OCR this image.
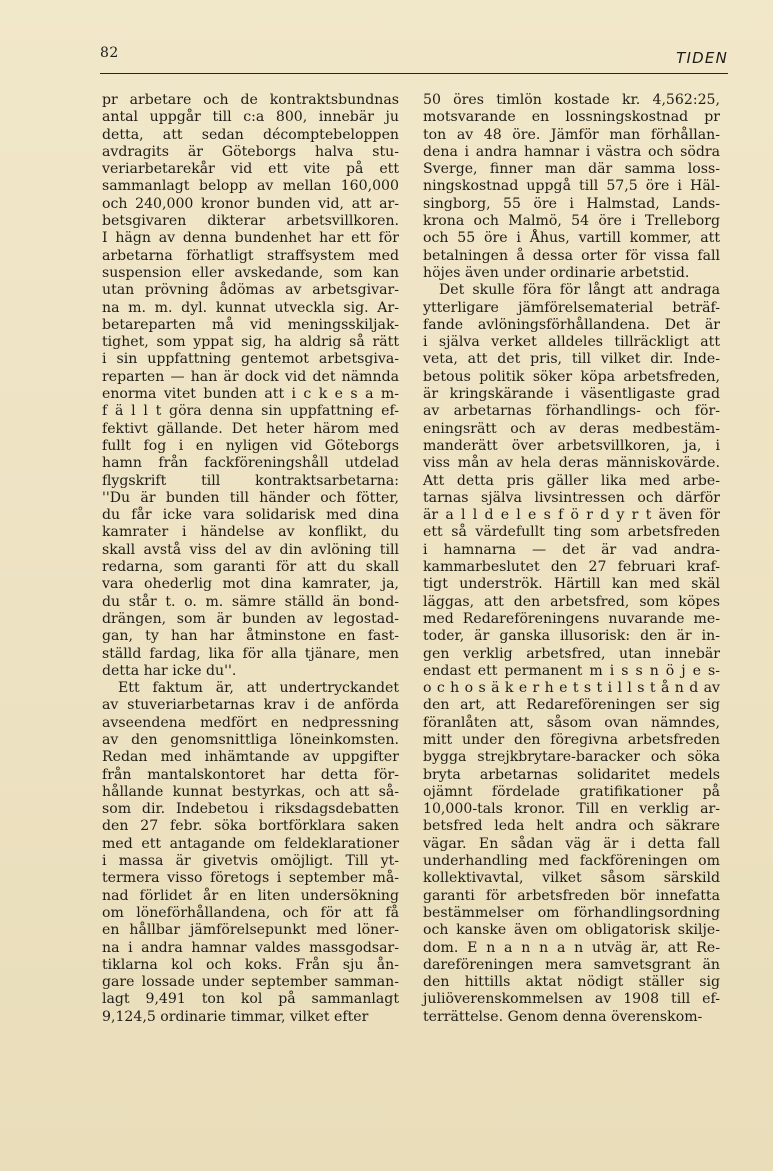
82	TIDEN
pr arbetare och de kontraktsbundnas
antal uppgår till c:a 800, innebär ju
detta, att sedan décomptebeloppen
avdragits är Göteborgs halva stu-
veriarbetarekår vid ett vite på ett
sammanlagt belopp av mellan 160,000
och 240,000 kronor bunden vid, att ar-
betsgivaren dikterar arbetsvillkoren.
I hägn av denna bundenhet har ett för
arbetarna förhatligt straffsystem med
suspension eller avskedande, som kan
utan prövning ådömas av arbetsgivar-
na m. m. dyl. kunnat utveckla sig. Ar-
betareparten må vid meningsskiljak-
tighet, som yppat sig, ha aldrig så rätt
i sin uppfattning gentemot arbetsgiva-
reparten — han är dock vid det nämnda
enorma vitet bunden att i c k e s a m-
f ä l l t göra denna sin uppfattning ef-
fektivt gällande. Det heter härom med
fullt fog i en nyligen vid Göteborgs
hamn från fackföreningshåll utdelad
flygskrift till kontraktsarbetarna:
''Du är bunden till händer och fötter,
du får icke vara solidarisk med dina
kamrater i händelse av konflikt, du
skall avstå viss del av din avlöning till
redarna, som garanti för att du skall
vara ohederlig mot dina kamrater, ja,
du står t. o. m. sämre ställd än bond-
drängen, som är bunden av legostad-
gan, ty han har åtminstone en fast-
ställd fardag, lika för alla tjänare, men
detta har icke du''.
Ett faktum är, att undertryckandet
av stuveriarbetarnas krav i de anförda
avseendena medfört en nedpressning
av den genomsnittliga löneinkomsten.
Redan med inhämtande av uppgifter
från mantalskontoret har detta för-
hållande kunnat bestyrkas, och att så-
som dir. Indebetou i riksdagsdebatten
den 27 febr. söka bortförklara saken
med ett antagande om feldeklarationer
i massa är givetvis omöjligt. Till yt-
termera visso företogs i september må-
nad förlidet år en liten undersökning
om löneförhållandena, och för att få
en hållbar jämförelsepunkt med löner-
na i andra hamnar valdes massgodsar-
tiklarna kol och koks. Från sju ån-
gare lossade under september samman-
lagt 9,491 ton kol på sammanlagt
9,124,5 ordinarie timmar, vilket efter
50 öres timlön kostade kr. 4,562:25,
motsvarande en lossningskostnad pr
ton av 48 öre. Jämför man förhållan-
dena i andra hamnar i västra och södra
Sverge, finner man där samma loss-
ningskostnad uppgå till 57,5 öre i Häl-
singborg, 55 öre i Halmstad, Lands-
krona och Malmö, 54 öre i Trelleborg
och 55 öre i Åhus, vartill kommer, att
betalningen å dessa orter för vissa fall
höjes även under ordinarie arbetstid.
Det skulle föra för långt att andraga
ytterligare jämförelsematerial beträf-
fande avlöningsförhållandena. Det är
i själva verket alldeles tillräckligt att
veta, att det pris, till vilket dir. Inde-
betous politik söker köpa arbetsfreden,
är kringskärande i väsentligaste grad
av arbetarnas förhandlings- och för-
eningsrätt och av deras medbestäm-
manderätt över arbetsvillkoren, ja, i
viss mån av hela deras människovärde.
Att detta pris gäller lika med arbe-
tarnas själva livsintressen och därför
är a l l d e l e s f ö r d y r t även för
ett så värdefullt ting som arbetsfreden
i hamnarna — det är vad andra-
kammarbeslutet den 27 februari kraf-
tigt underströk. Härtill kan med skäl
läggas, att den arbetsfred, som köpes
med Redareföreningens nuvarande me-
toder, är ganska illusorisk: den är in-
gen verklig arbetsfred, utan innebär
endast ett permanent m i s s n ö j e s-
o c h o s ä k e r h e t s t i l l s t å n d av
den art, att Redareföreningen ser sig
föranlåten att, såsom ovan nämndes,
mitt under den föregivna arbetsfreden
bygga strejkbrytare-baracker och söka
bryta arbetarnas solidaritet medels
ojämnt fördelade gratifikationer på
10,000-tals kronor. Till en verklig ar-
betsfred leda helt andra och säkrare
vägar. En sådan väg är i detta fall
underhandling med fackföreningen om
kollektivavtal, vilket såsom särskild
garanti för arbetsfreden bör innefatta
bestämmelser om förhandlingsordning
och kanske även om obligatorisk skilje-
dom. E n a n n a n utväg är, att Re-
dareföreningen mera samvetsgrant än
den hittills aktat nödigt ställer sig
juliöverenskommelsen av 1908 till ef-
terrättelse. Genom denna överenskom-
